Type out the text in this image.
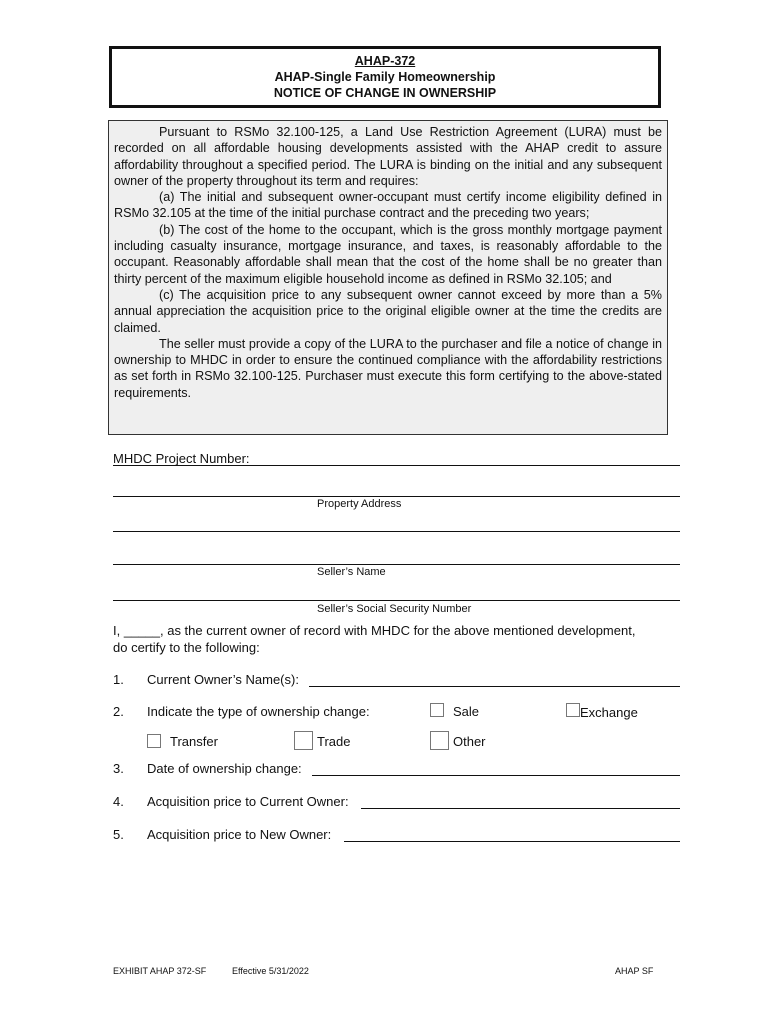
AHAP-372
AHAP-Single Family Homeownership
NOTICE OF CHANGE IN OWNERSHIP

Pursuant to RSMo 32.100-125, a Land Use Restriction Agreement (LURA) must be recorded on all affordable housing developments assisted with the AHAP credit to assure affordability throughout a specified period. The LURA is binding on the initial and any subsequent owner of the property throughout its term and requires:

(a) The initial and subsequent owner-occupant must certify income eligibility defined in RSMo 32.105 at the time of the initial purchase contract and the preceding two years;

(b) The cost of the home to the occupant, which is the gross monthly mortgage payment including casualty insurance, mortgage insurance, and taxes, is reasonably affordable to the occupant. Reasonably affordable shall mean that the cost of the home shall be no greater than thirty percent of the maximum eligible household income as defined in RSMo 32.105; and

(c) The acquisition price to any subsequent owner cannot exceed by more than a 5% annual appreciation the acquisition price to the original eligible owner at the time the credits are claimed.

The seller must provide a copy of the LURA to the purchaser and file a notice of change in ownership to MHDC in order to ensure the continued compliance with the affordability restrictions as set forth in RSMo 32.100-125. Purchaser must execute this form certifying to the above-stated requirements.

MHDC Project Number:
Property Address
Seller’s Name
Seller’s Social Security Number
I, _____, as the current owner of record with MHDC for the above mentioned development,
do certify to the following:
1. Current Owner’s Name(s):
2. Indicate the type of ownership change:	Sale	Exchange
Transfer	Trade	Other
3. Date of ownership change:
4. Acquisition price to Current Owner:
5. Acquisition price to New Owner:
EXHIBIT AHAP 372-SF	Effective 5/31/2022	AHAP SF
